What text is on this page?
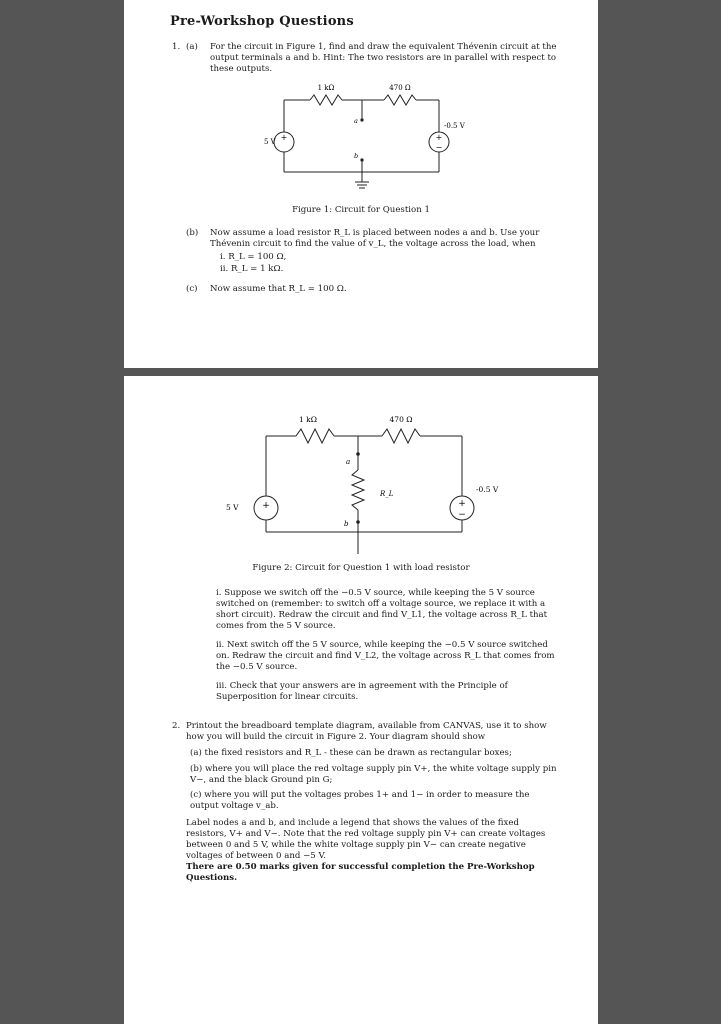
Pre-Workshop Questions
1. (a) For the circuit in Figure 1, find and draw the equivalent Thévenin circuit at the output terminals a and b. Hint: The two resistors are in parallel with respect to these outputs.
1 kΩ	470 Ω
a
b
5 V
-0.5 V
+	+
−
Figure 1: Circuit for Question 1
(b) Now assume a load resistor R_L is placed between nodes a and b. Use your Thévenin circuit to find the value of v_L, the voltage across the load, when
i. R_L = 100 Ω,
ii. R_L = 1 kΩ.
(c) Now assume that R_L = 100 Ω.
1 kΩ	470 Ω
a
b
R_L
5 V
-0.5 V
+	+
−
Figure 2: Circuit for Question 1 with load resistor
i. Suppose we switch off the −0.5 V source, while keeping the 5 V source switched on (remember: to switch off a voltage source, we replace it with a short circuit). Redraw the circuit and find V_L1, the voltage across R_L that comes from the 5 V source.
ii. Next switch off the 5 V source, while keeping the −0.5 V source switched on. Redraw the circuit and find V_L2, the voltage across R_L that comes from the −0.5 V source.
iii. Check that your answers are in agreement with the Principle of Superposition for linear circuits.
2. Printout the breadboard template diagram, available from CANVAS, use it to show how you will build the circuit in Figure 2. Your diagram should show
(a) the fixed resistors and R_L - these can be drawn as rectangular boxes;
(b) where you will place the red voltage supply pin V+, the white voltage supply pin V−, and the black Ground pin G;
(c) where you will put the voltages probes 1+ and 1− in order to measure the output voltage v_ab.
Label nodes a and b, and include a legend that shows the values of the fixed resistors, V+ and V−. Note that the red voltage supply pin V+ can create voltages between 0 and 5 V, while the white voltage supply pin V− can create negative voltages of between 0 and −5 V.
There are 0.50 marks given for successful completion the Pre-Workshop Questions.
